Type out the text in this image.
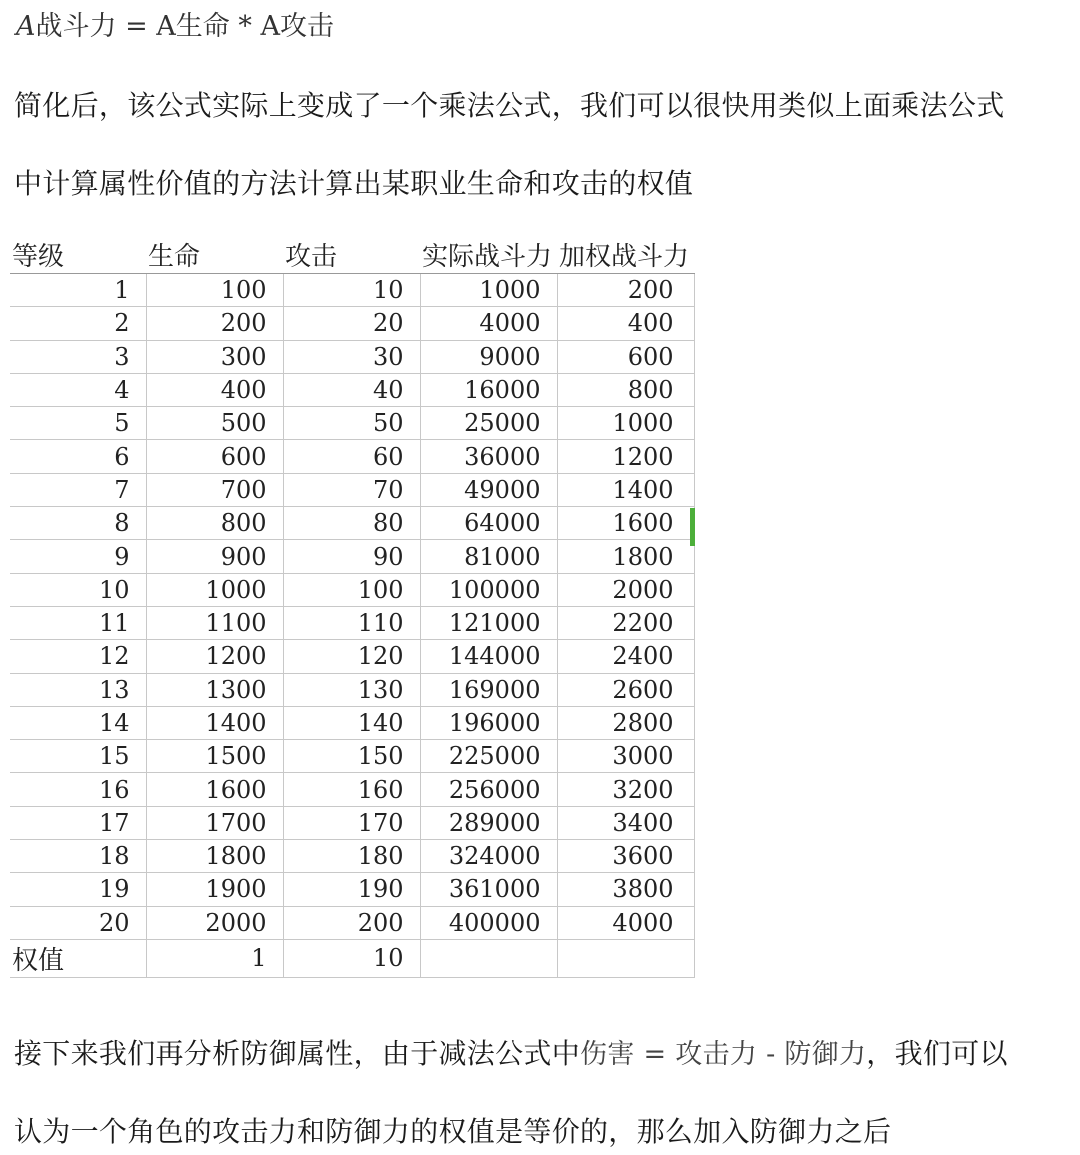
A战斗力 = A生命 * A攻击
简化后，该公式实际上变成了一个乘法公式，我们可以很快用类似上面乘法公式
中计算属性价值的方法计算出某职业生命和攻击的权值
等级	生命	攻击	实际战斗力	加权战斗力
1	100	10	1000	200
2	200	20	4000	400
3	300	30	9000	600
4	400	40	16000	800
5	500	50	25000	1000
6	600	60	36000	1200
7	700	70	49000	1400
8	800	80	64000	1600
9	900	90	81000	1800
10	1000	100	100000	2000
11	1100	110	121000	2200
12	1200	120	144000	2400
13	1300	130	169000	2600
14	1400	140	196000	2800
15	1500	150	225000	3000
16	1600	160	256000	3200
17	1700	170	289000	3400
18	1800	180	324000	3600
19	1900	190	361000	3800
20	2000	200	400000	4000
权值	1	10		
接下来我们再分析防御属性，由于减法公式中伤害 = 攻击力 - 防御力，我们可以
认为一个角色的攻击力和防御力的权值是等价的，那么加入防御力之后
